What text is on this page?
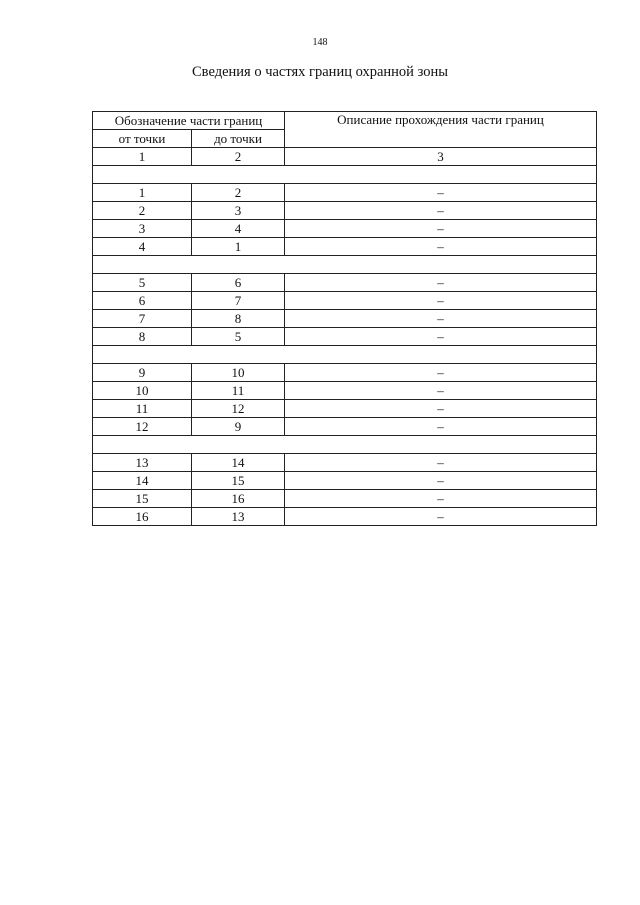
148
Сведения о частях границ охранной зоны
Обозначение части границ		Описание прохождения части границ
от точки	до точки	
1	2	3

1	2	–
2	3	–
3	4	–
4	1	–

5	6	–
6	7	–
7	8	–
8	5	–

9	10	–
10	11	–
11	12	–
12	9	–

13	14	–
14	15	–
15	16	–
16	13	–
